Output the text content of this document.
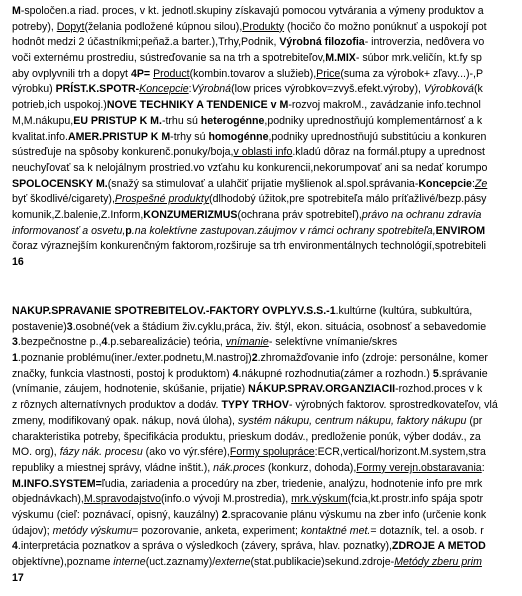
M-spoločen.a riad. proces, v kt. jednotl.skupiny získavajú pomocou vytvárania a výmeny produktov a
potreby), Dopyt(želania podložené kúpnou silou),Produkty (hocičo čo možno ponúknuť a uspokojí pot
hodnôt medzi 2 účastníkmi;peňaž.a barter.),Trhy,Podnik, Výrobná filozofia- introverzia, nedôvera vo
voči externému prostrediu, sústreďovanie sa na trh a spotrebiteľov,M.MIX- súbor mrk.veličín, kt.fy sp
aby ovplyvnili trh a dopyt 4P= Product(kombin.tovarov a služieb),Price(suma za výrobok+ zľavy...)-,P
výrobku) PRÍST.K.SPOTR-Koncepcie:Výrobná(low prices výrobkov=zvyš.efekt.výroby), Výrobková(k
potrieb,ich uspokoj.)NOVE TECHNIKY A TENDENICE v M-rozvoj makroM., zavádzanie info.technol
M,M.nákupu,EU PRISTUP K M.-trhu sú heterogénne,podniky uprednostňujú komplementárnosť a k
kvalitat.info.AMER.PRISTUP K M-trhy sú homogénne,podniky uprednostňujú substitúciu a konkuren
sústreďuje na spôsoby konkurenč.ponuky/boja,v oblasti info.kladú dôraz na formál.ptupy a uprednost
neuchyľovať sa k nelojálnym prostried.vo vzťahu ku konkurencii,nekorumpovať ani sa nedať korumpo
SPOLOCENSKY M.(snažý sa stimulovať a ulahčiť prijatie myšlienok al.spol.správania-Koncepcie:Ze
byť škodlivé/cigarety),Prospešné produkty(dlhodobý úžitok,pre spotrebiteľa málo príťažlivé/bezp.pásy
komunik,Z.balenie,Z.Inform,KONZUMERIZMUS(ochrana práv spotrebiteľ),právo na ochranu zdravia
informovanosť a osvetu,p.na kolektívne zastupovan.záujmov v rámci ochrany spotrebiteľa,ENVIROM
čoraz výraznejším konkurenčným faktorom,rozširuje sa trh environmentálnych technológií,spotrebiteli
16
NAKUP.SPRAVANIE SPOTREBITELOV.-FAKTORY OVPLYV.S.S.-1.kultúrne (kultúra, subkultúra,
postavenie)3.osobné(vek a štádium živ.cyklu,práca, živ. štýl, ekon. situácia, osobnosť a sebavedomie
3.bezpečnostne p.,4.p.sebarealizácie) teória, vnímanie- selektívne vnímanie/skres
1.poznanie problému(iner./exter.podnetu,M.nastroj)2.zhromažďovanie info (zdroje: personálne, komer
značky, funkcia vlastnosti, postoj k produktom) 4.nákupné rozhodnutia(zámer a rozhodn.) 5.správanie
(vnímanie, záujem, hodnotenie, skúšanie, prijatie) NÁKUP.SPRAV.ORGANZIACII-rozhod.proces v k
z rôznych alternatívnych produktov a dodáv. TYPY TRHOV- výrobných faktorov. sprostredkovateľov, vlá
zmeny, modifikovaný opak. nákup, nová úloha), systém nákupu, centrum nákupu, faktory nákupu (pr
charakteristika potreby, špecifikácia produktu, prieskum dodáv., predloženie ponúk, výber dodáv., za
MO. org), fázy nák. procesu (ako vo výr.sfére),Formy spolupráce:ECR,vertical/horizont.M.system,stra
republiky a miestnej správy, vládne inštit.), nák.proces (konkurz, dohoda),Formy verejn.obstaravania:
M.INFO.SYSTEM=ľudia, zariadenia a procedúry na zber, triedenie, analýzu, hodnotenie info pre mrk
objednávkach),M.spravodajstvo(info.o vývoji M.prostredia), mrk.výskum(fcia,kt.prostr.info spája spotr
výskumu (cieľ: poznávací, opisný, kauzálny) 2.spracovanie plánu výskumu na zber info (určenie konk
údajov); metódy výskumu= pozorovanie, anketa, experiment; kontaktné met.= dotazník, tel. a osob. r
4.interpretácia poznatkov a správa o výsledkoch (závery, správa, hlav. poznatky),ZDROJE A METOD
objektívne),pozname interne(uct.zaznamy)/externe(stat.publikacie)sekund.zdroje-Metódy zberu prim
17
